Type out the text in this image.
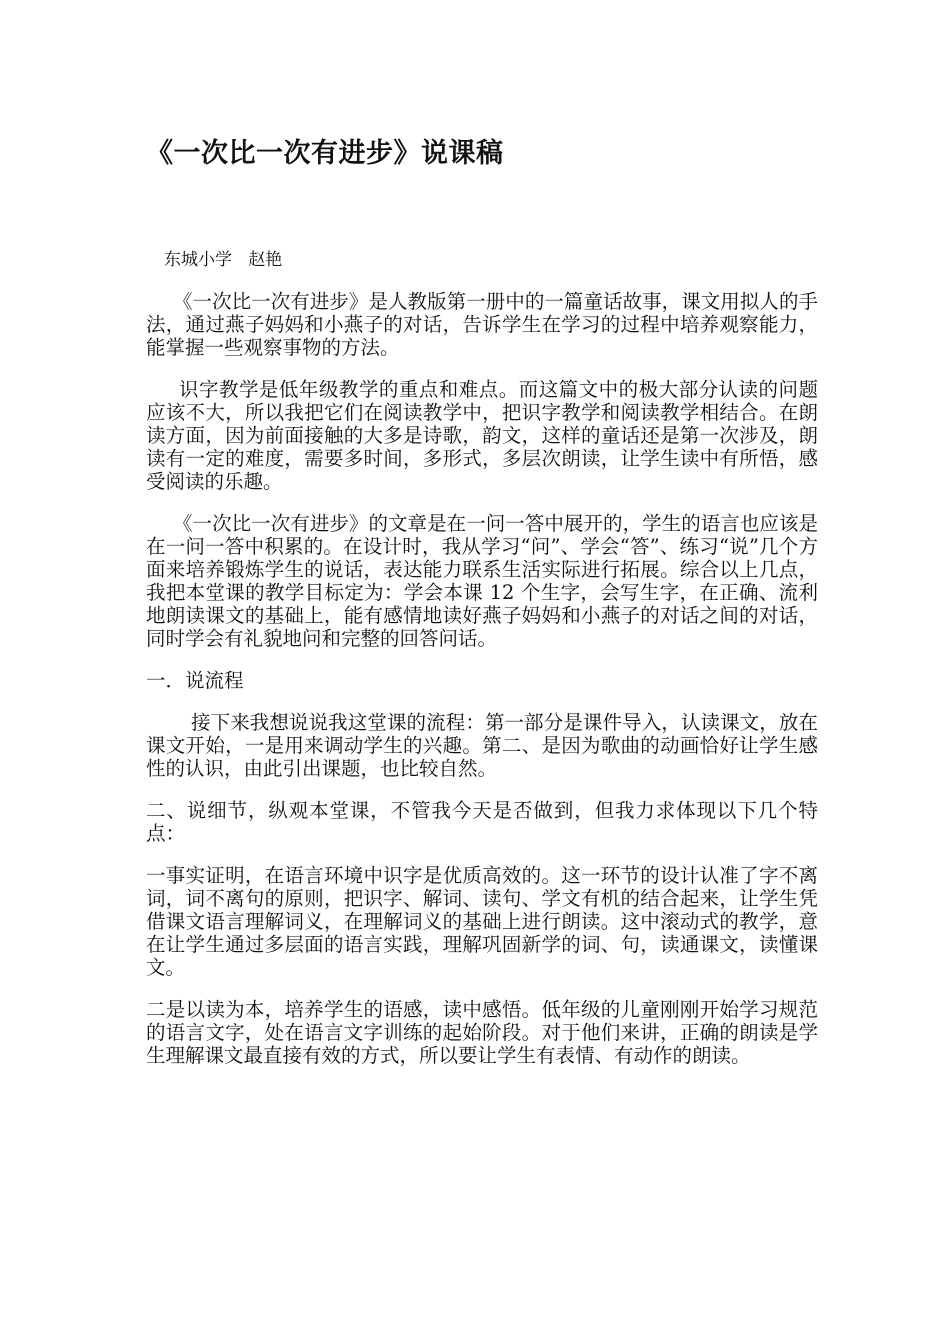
《一次比一次有进步》说课稿

东城小学   赵艳

《一次比一次有进步》是人教版第一册中的一篇童话故事，课文用拟人的手法，通过燕子妈妈和小燕子的对话，告诉学生在学习的过程中培养观察能力，能掌握一些观察事物的方法。

识字教学是低年级教学的重点和难点。而这篇文中的极大部分认读的问题应该不大，所以我把它们在阅读教学中，把识字教学和阅读教学相结合。在朗读方面，因为前面接触的大多是诗歌，韵文，这样的童话还是第一次涉及，朗读有一定的难度，需要多时间，多形式，多层次朗读，让学生读中有所悟，感受阅读的乐趣。

《一次比一次有进步》的文章是在一问一答中展开的，学生的语言也应该是在一问一答中积累的。在设计时，我从学习“问”、学会“答”、练习“说”几个方面来培养锻炼学生的说话，表达能力联系生活实际进行拓展。综合以上几点，我把本堂课的教学目标定为：学会本课 12 个生字，会写生字，在正确、流利地朗读课文的基础上，能有感情地读好燕子妈妈和小燕子的对话之间的对话，同时学会有礼貌地问和完整的回答问话。

一．说流程

接下来我想说说我这堂课的流程：第一部分是课件导入，认读课文，放在课文开始，一是用来调动学生的兴趣。第二、是因为歌曲的动画恰好让学生感性的认识，由此引出课题，也比较自然。

二、说细节，纵观本堂课，不管我今天是否做到，但我力求体现以下几个特点：

一事实证明，在语言环境中识字是优质高效的。这一环节的设计认准了字不离词，词不离句的原则，把识字、解词、读句、学文有机的结合起来，让学生凭借课文语言理解词义，在理解词义的基础上进行朗读。这中滚动式的教学，意在让学生通过多层面的语言实践，理解巩固新学的词、句，读通课文，读懂课文。

二是以读为本，培养学生的语感，读中感悟。低年级的儿童刚刚开始学习规范的语言文字，处在语言文字训练的起始阶段。对于他们来讲，正确的朗读是学生理解课文最直接有效的方式，所以要让学生有表情、有动作的朗读。
